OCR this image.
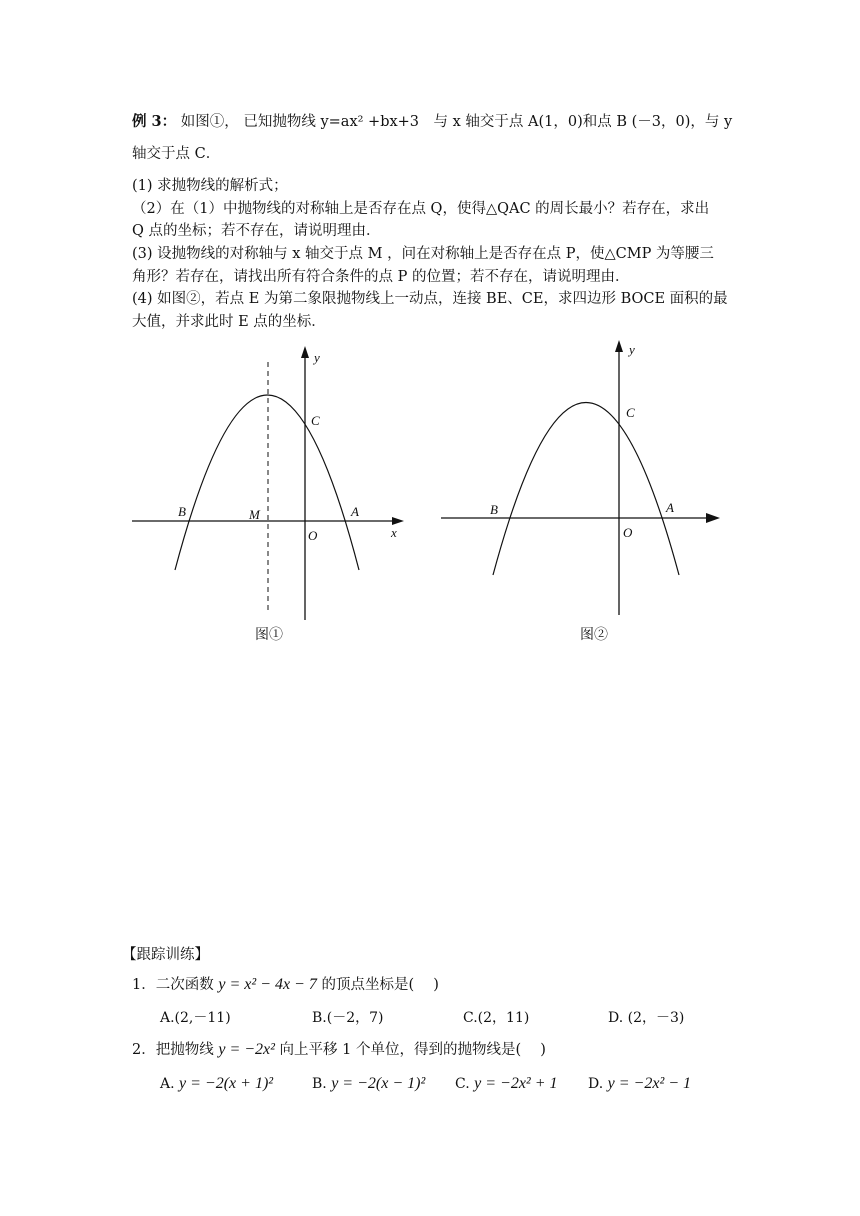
例 3： 如图①， 已知抛物线 y=ax² +bx+3　与 x 轴交于点 A(1，0)和点 B (－3，0)，与 y
轴交于点 C．
(1) 求抛物线的解析式；
（2）在（1）中抛物线的对称轴上是否存在点 Q，使得△QAC 的周长最小？若存在，求出
Q 点的坐标；若不存在，请说明理由．
(3) 设抛物线的对称轴与 x 轴交于点 M ，问在对称轴上是否存在点 P，使△CMP 为等腰三
角形？若存在，请找出所有符合条件的点 P 的位置；若不存在，请说明理由．
(4) 如图②，若点 E 为第二象限抛物线上一动点，连接 BE、CE，求四边形 BOCE 面积的最
大值，并求此时 E 点的坐标．
y
x
C
B	M	A
O
图①
y
C
B	A
O
图②
【跟踪训练】
1．二次函数 y = x² − 4x − 7 的顶点坐标是(　 )
A.(2,－11)	B.(－2，7)	C.(2，11)	D. (2，－3)
2．把抛物线 y = −2x² 向上平移 1 个单位，得到的抛物线是(　 )
A. y = −2(x + 1)²	B. y = −2(x − 1)² C. y = −2x² + 1 D. y = −2x² − 1
